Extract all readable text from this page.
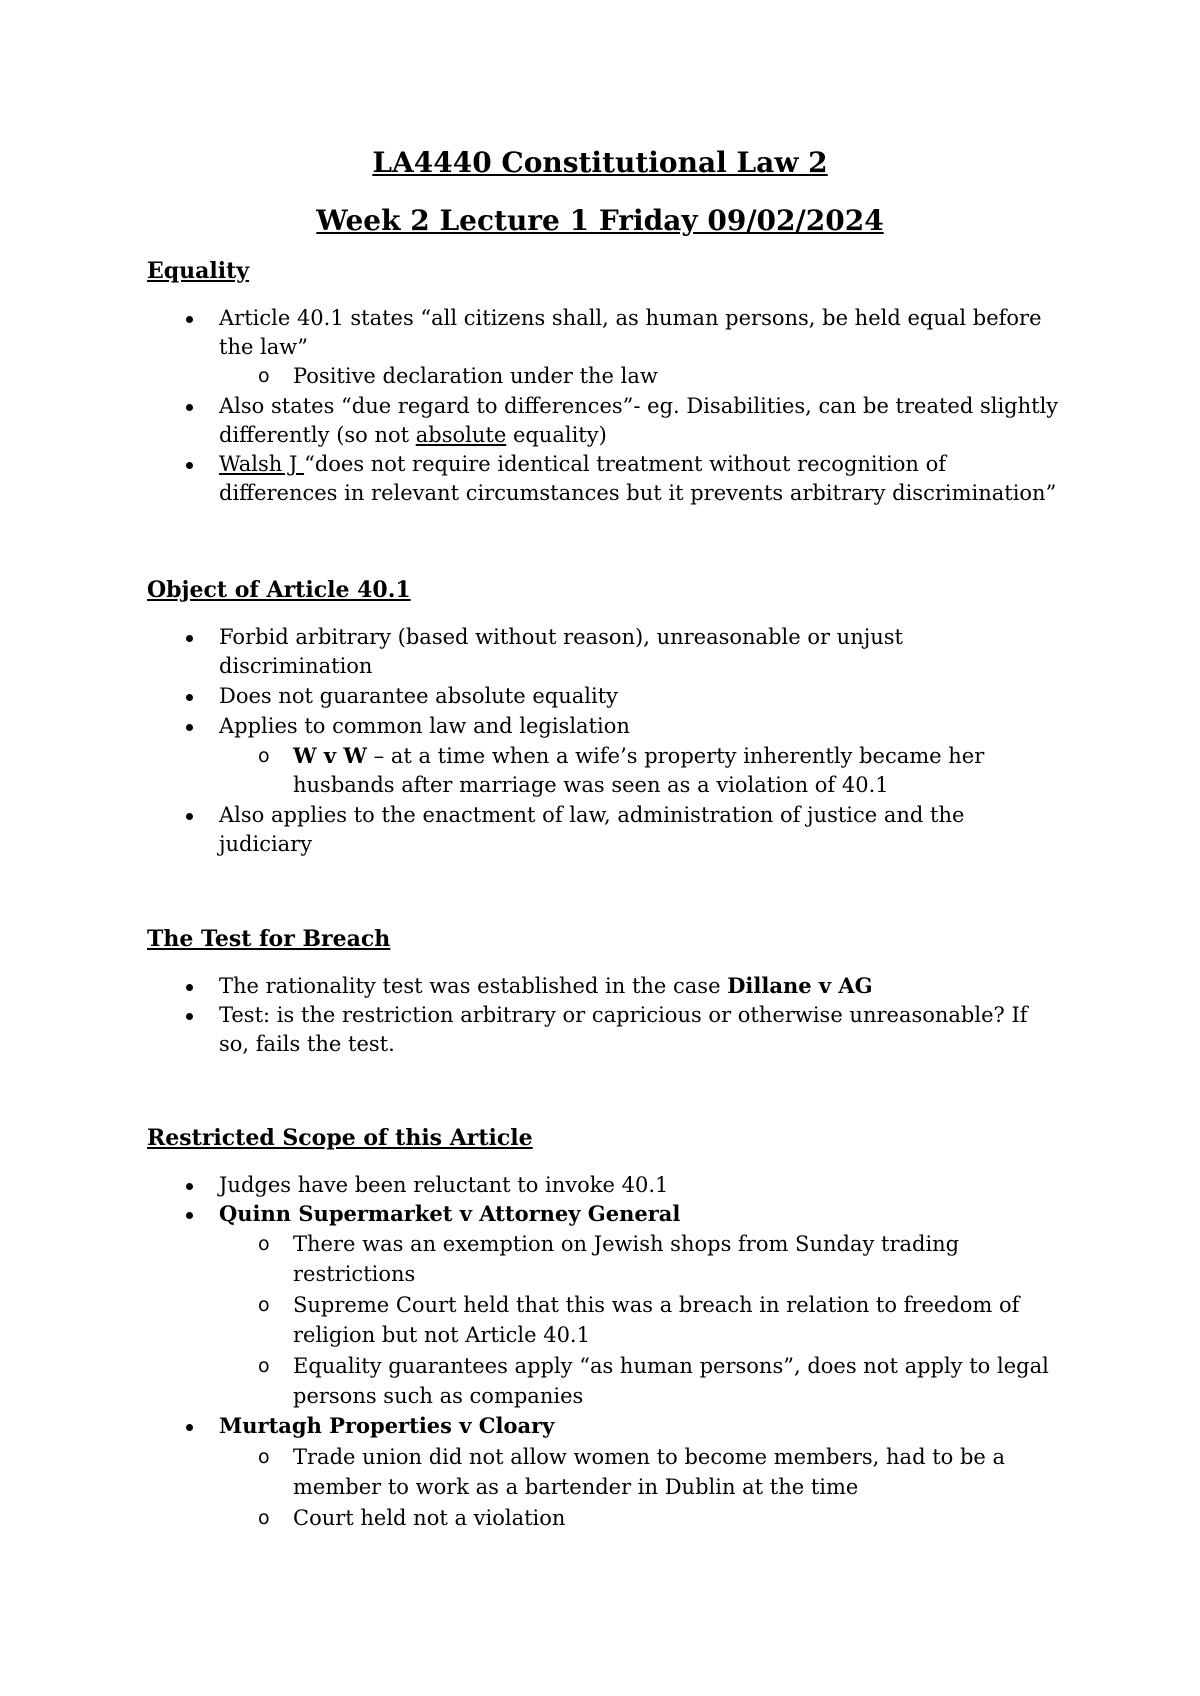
LA4440 Constitutional Law 2
Week 2 Lecture 1 Friday 09/02/2024
Equality
Article 40.1 states “all citizens shall, as human persons, be held equal before
the law”
o Positive declaration under the law
Also states “due regard to differences”- eg. Disabilities, can be treated slightly
differently (so not absolute equality)
Walsh J “does not require identical treatment without recognition of
differences in relevant circumstances but it prevents arbitrary discrimination”
Object of Article 40.1
Forbid arbitrary (based without reason), unreasonable or unjust
discrimination
Does not guarantee absolute equality
Applies to common law and legislation
o W v W – at a time when a wife’s property inherently became her
husbands after marriage was seen as a violation of 40.1
Also applies to the enactment of law, administration of justice and the
judiciary
The Test for Breach
The rationality test was established in the case Dillane v AG
Test: is the restriction arbitrary or capricious or otherwise unreasonable? If
so, fails the test.
Restricted Scope of this Article
Judges have been reluctant to invoke 40.1
Quinn Supermarket v Attorney General
o There was an exemption on Jewish shops from Sunday trading
restrictions
o Supreme Court held that this was a breach in relation to freedom of
religion but not Article 40.1
o Equality guarantees apply “as human persons”, does not apply to legal
persons such as companies
Murtagh Properties v Cloary
o Trade union did not allow women to become members, had to be a
member to work as a bartender in Dublin at the time
o Court held not a violation
